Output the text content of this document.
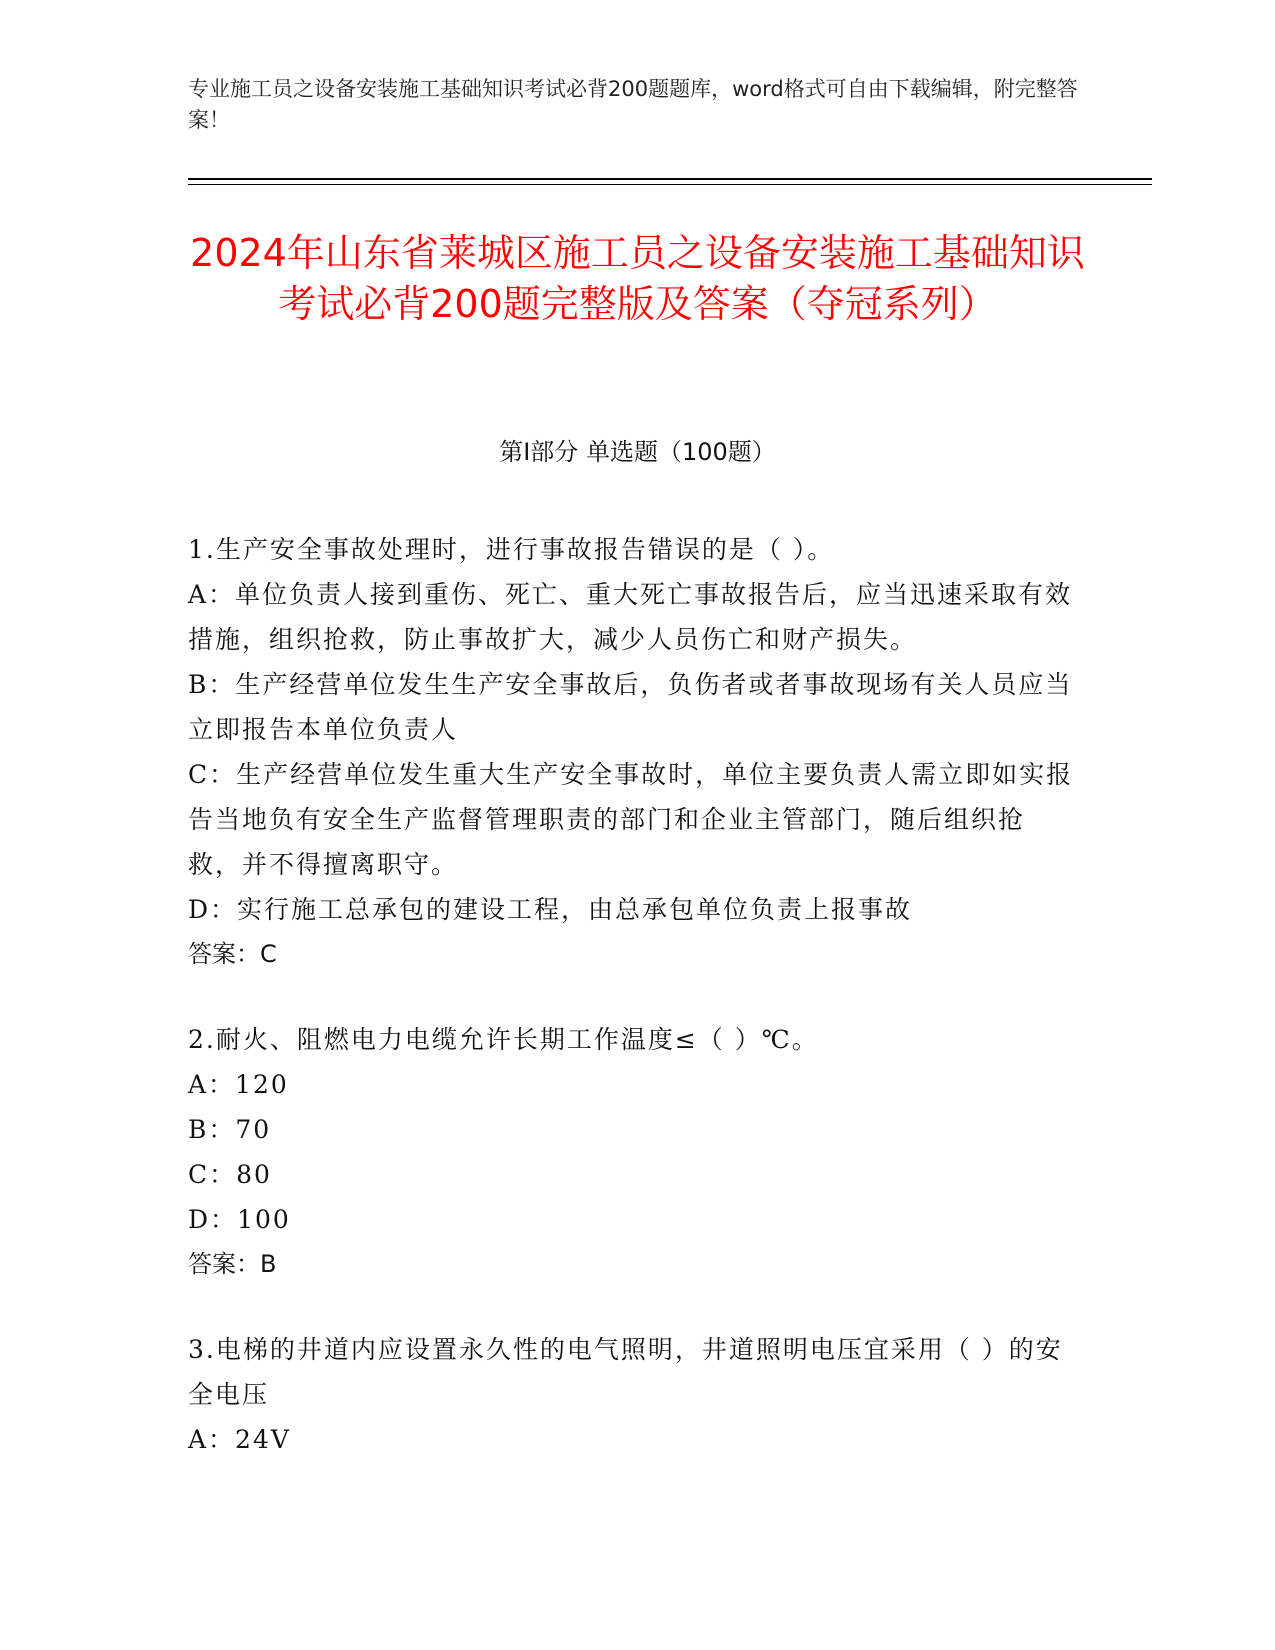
专业施工员之设备安装施工基础知识考试必背200题题库，word格式可自由下载编辑，附完整答案！
2024年山东省莱城区施工员之设备安装施工基础知识考试必背200题完整版及答案（夺冠系列）
第Ⅰ部分 单选题（100题）
1.生产安全事故处理时，进行事故报告错误的是（ ）。
A：单位负责人接到重伤、死亡、重大死亡事故报告后，应当迅速采取有效措施，组织抢救，防止事故扩大，减少人员伤亡和财产损失。
B：生产经营单位发生生产安全事故后，负伤者或者事故现场有关人员应当立即报告本单位负责人
C：生产经营单位发生重大生产安全事故时，单位主要负责人需立即如实报告当地负有安全生产监督管理职责的部门和企业主管部门，随后组织抢救，并不得擅离职守。
D：实行施工总承包的建设工程，由总承包单位负责上报事故
答案：C
2.耐火、阻燃电力电缆允许长期工作温度≤（ ）℃。
A：120
B：70
C：80
D：100
答案：B
3.电梯的井道内应设置永久性的电气照明，井道照明电压宜采用（ ）的安全电压
A：24V
